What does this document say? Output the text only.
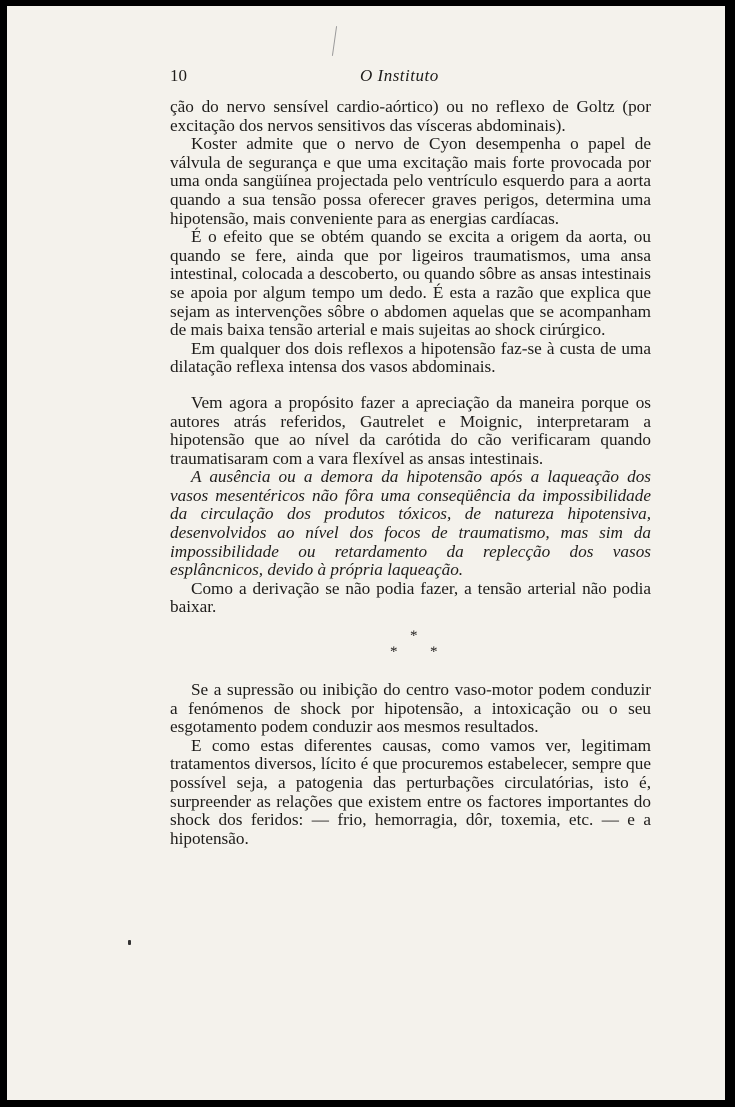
10	O Instituto

ção do nervo sensível cardio-aórtico) ou no reflexo de Goltz (por excitação dos nervos sensitivos das vísceras abdominais).

Koster admite que o nervo de Cyon desempenha o papel de válvula de segurança e que uma excitação mais forte provocada por uma onda sangüínea projectada pelo ventrículo esquerdo para a aorta quando a sua tensão possa oferecer graves perigos, determina uma hipotensão, mais conveniente para as energias cardíacas.

É o efeito que se obtém quando se excita a origem da aorta, ou quando se fere, ainda que por ligeiros traumatismos, uma ansa intestinal, colocada a descoberto, ou quando sôbre as ansas intestinais se apoia por algum tempo um dedo. É esta a razão que explica que sejam as intervenções sôbre o abdomen aquelas que se acompanham de mais baixa tensão arterial e mais sujeitas ao shock cirúrgico.

Em qualquer dos dois reflexos a hipotensão faz-se à custa de uma dilatação reflexa intensa dos vasos abdominais.

Vem agora a propósito fazer a apreciação da maneira porque os autores atrás referidos, Gautrelet e Moignic, interpretaram a hipotensão que ao nível da carótida do cão verificaram quando traumatisaram com a vara flexível as ansas intestinais.

A ausência ou a demora da hipotensão após a laqueação dos vasos mesentéricos não fôra uma conseqüência da impossibilidade da circulação dos produtos tóxicos, de natureza hipotensiva, desenvolvidos ao nível dos focos de traumatismo, mas sim da impossibilidade ou retardamento da replecção dos vasos esplâncnicos, devido à própria laqueação.

Como a derivação se não podia fazer, a tensão arterial não podia baixar.

*
* *

Se a supressão ou inibição do centro vaso-motor podem conduzir a fenómenos de shock por hipotensão, a intoxicação ou o seu esgotamento podem conduzir aos mesmos resultados.

E como estas diferentes causas, como vamos ver, legitimam tratamentos diversos, lícito é que procuremos estabelecer, sempre que possível seja, a patogenia das perturbações circulatórias, isto é, surpreender as relações que existem entre os factores importantes do shock dos feridos: — frio, hemorragia, dôr, toxemia, etc. — e a hipotensão.
